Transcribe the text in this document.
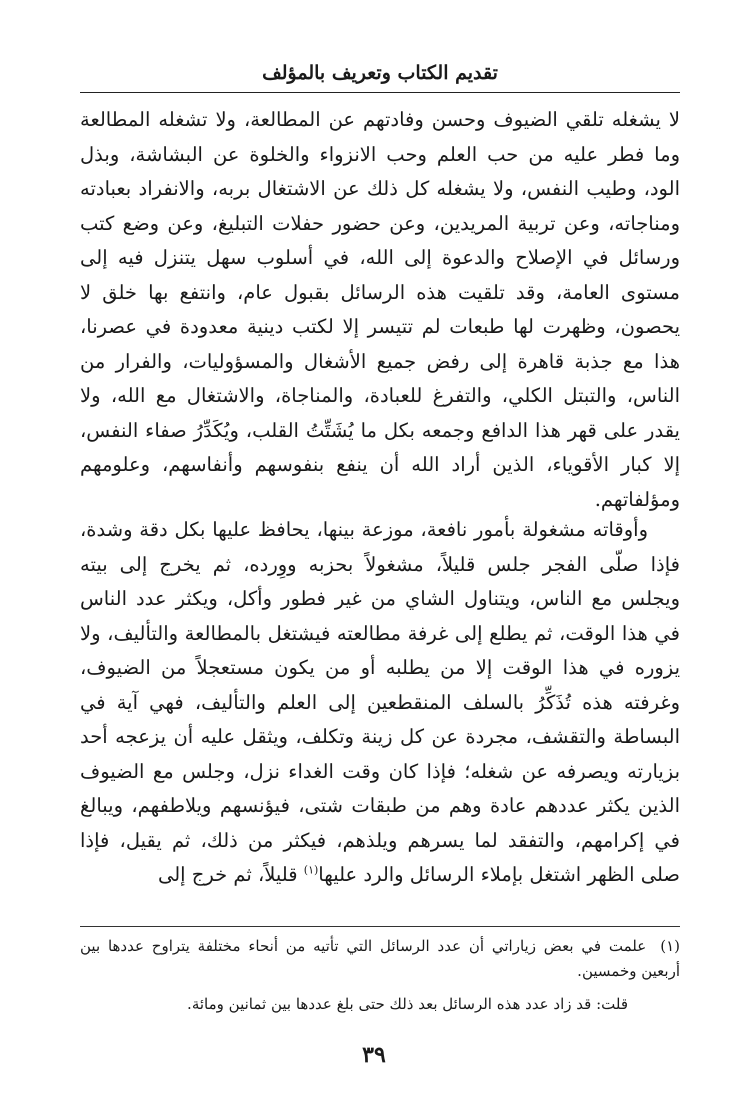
تقديم الكتاب وتعريف بالمؤلف
لا يشغله تلقي الضيوف وحسن وفادتهم عن المطالعة، ولا تشغله المطالعة وما فطر عليه من حب العلم وحب الانزواء والخلوة عن البشاشة، وبذل الود، وطيب النفس، ولا يشغله كل ذلك عن الاشتغال بربه، والانفراد بعبادته ومناجاته، وعن تربية المريدين، وعن حضور حفلات التبليغ، وعن وضع كتب ورسائل في الإصلاح والدعوة إلى الله، في أسلوب سهل يتنزل فيه إلى مستوى العامة، وقد تلقيت هذه الرسائل بقبول عام، وانتفع بها خلق لا يحصون، وظهرت لها طبعات لم تتيسر إلا لكتب دينية معدودة في عصرنا، هذا مع جذبة قاهرة إلى رفض جميع الأشغال والمسؤوليات، والفرار من الناس، والتبتل الكلي، والتفرغ للعبادة، والمناجاة، والاشتغال مع الله، ولا يقدر على قهر هذا الدافع وجمعه بكل ما يُشَتِّتُ القلب، ويُكَدِّرُ صفاء النفس، إلا كبار الأقوياء، الذين أراد الله أن ينفع بنفوسهم وأنفاسهم، وعلومهم ومؤلفاتهم.
وأوقاته مشغولة بأمور نافعة، موزعة بينها، يحافظ عليها بكل دقة وشدة، فإذا صلّى الفجر جلس قليلاً، مشغولاً بحزبه ووِرده، ثم يخرج إلى بيته ويجلس مع الناس، ويتناول الشاي من غير فطور وأكل، ويكثر عدد الناس في هذا الوقت، ثم يطلع إلى غرفة مطالعته فيشتغل بالمطالعة والتأليف، ولا يزوره في هذا الوقت إلا من يطلبه أو من يكون مستعجلاً من الضيوف، وغرفته هذه تُذَكِّرُ بالسلف المنقطعين إلى العلم والتأليف، فهي آية في البساطة والتقشف، مجردة عن كل زينة وتكلف، ويثقل عليه أن يزعجه أحد بزيارته ويصرفه عن شغله؛ فإذا كان وقت الغداء نزل، وجلس مع الضيوف الذين يكثر عددهم عادة وهم من طبقات شتى، فيؤنسهم ويلاطفهم، ويبالغ في إكرامهم، والتفقد لما يسرهم ويلذهم، فيكثر من ذلك، ثم يقيل، فإذا صلى الظهر اشتغل بإملاء الرسائل والرد عليها$^{(١)}$ قليلاً، ثم خرج إلى
(١)علمت في بعض زياراتي أن عدد الرسائل التي تأتيه من أنحاء مختلفة يتراوح عددها بين أربعين وخمسين.
قلت: قد زاد عدد هذه الرسائل بعد ذلك حتى بلغ عددها بين ثمانين ومائة.
٣٩
